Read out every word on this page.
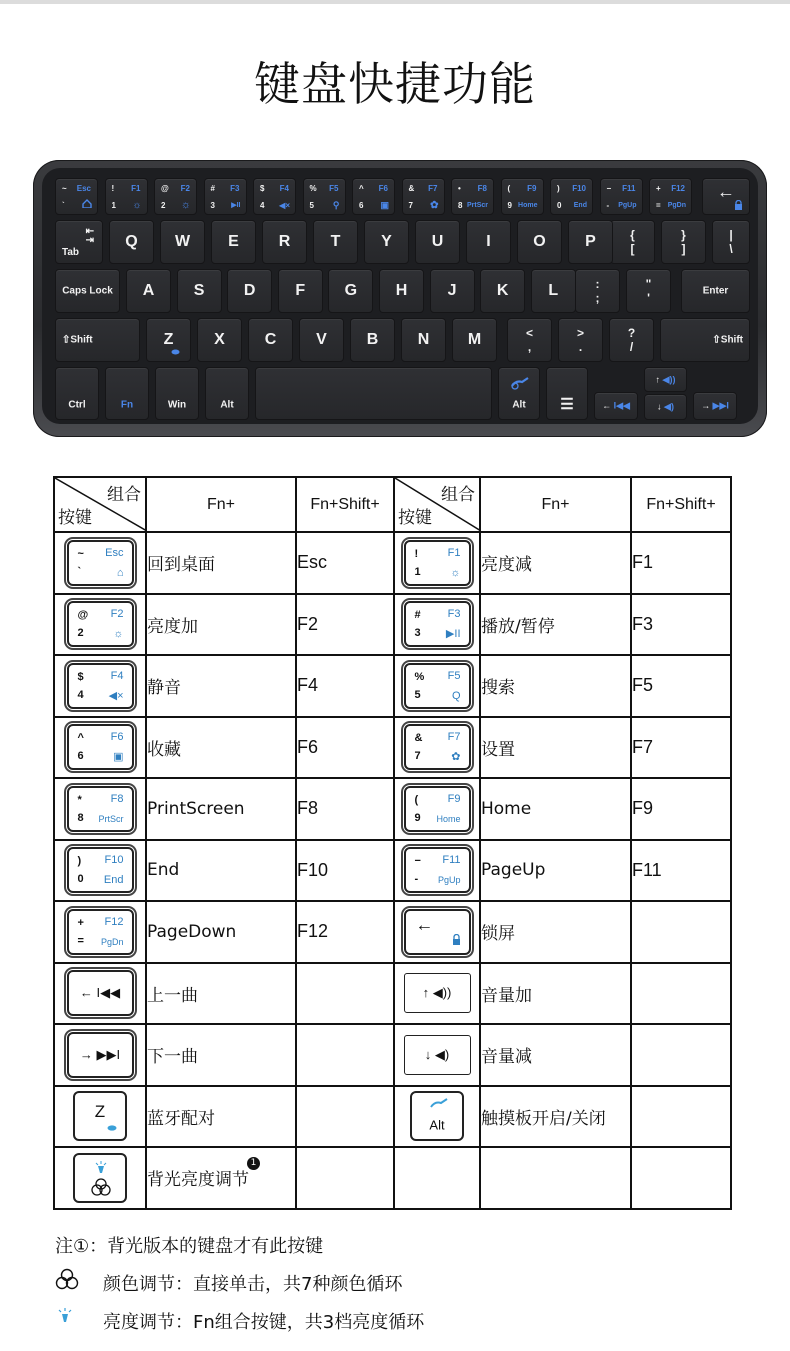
键盘快捷功能
←
⇤
⇥
Tab
{
[
}
]
|
\
Caps Lock	:
;
"
'	Enter
⇧Shift	<
,
>
.
?
/	⇧Shift
Ctrl	Fn	Win	Alt	Alt	☰	← I◀◀
↑ ◀))
↓ ◀)	→ ▶▶I
~ Esc
`
! F1
1 ☼
@ F2
2 ☼
# F3
3 ▶II
$ F4
4 ◀×
% F5
5 ⚲
^ F6
6 ▣
& F7
7 ✿
• F8
8 PrtScr
( F9
9 Home
) F10
0 End
− F11
- PgUp
+ F12
= PgDn
Q	W	E	R	T	Y	U	I	O	P
A	S	D	F	G	H	J	K	L
Z	X	C	V	B	N	M
组合
按键	Fn+	Fn+Shift+	组合
按键	Fn+	Fn+Shift+

~ Esc
` ⌂	回到桌面	Esc	! F1
1 ☼	亮度减	F1

@ F2
2 ☼	亮度加	F2	# F3
3 ▶II	播放/暂停	F3

$ F4
4 ◀×	静音	F4	% F5
5 Q	搜索	F5

^ F6
6 ▣	收藏	F6	& F7
7 ✿	设置	F7

* F8
8 PrtScr	PrintScreen	F8	( F9
9 Home	Home	F9

) F10
0 End	End	F10	− F11
- PgUp	PageUp	F11

+ F12
= PgDn	PageDown	F12	←	锁屏	

← I◀◀	上一曲		↑ ◀))	音量加	

→ ▶▶I	下一曲		↓ ◀)	音量减	

Z	蓝牙配对		Alt	触摸板开启/关闭	

	背光亮度调节1				
注①：背光版本的键盘才有此按键
颜色调节：直接单击，共7种颜色循环
亮度调节：Fn组合按键，共3档亮度循环
